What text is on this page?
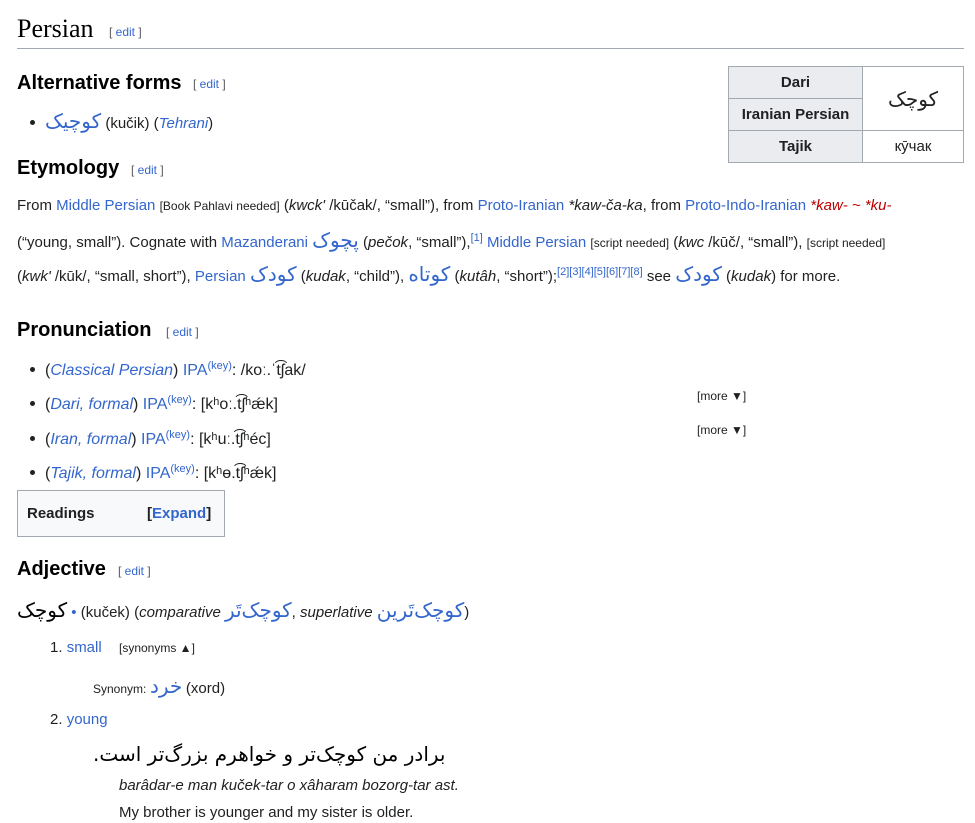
Persian [ edit ]
Alternative forms [ edit ]
کوچیک (kučik) (Tehrani)
Dari	کوچک
Iranian Persian	
Tajik	кӯчак
Etymology [ edit ]
From Middle Persian [Book Pahlavi needed] (kwck' /kūčak/, “small”), from Proto-Iranian *kaw-ča-ka, from Proto-Indo-Iranian *kaw- ~ *ku-
(“young, small”). Cognate with Mazanderani پچوک (pečok, “small”),[1] Middle Persian [script needed] (kwc /kūč/, “small”), [script needed]
(kwk' /kūk/, “small, short”), Persian کودک (kudak, “child”), کوتاه (kutâh, “short”);[2][3][4][5][6][7][8] see کودک (kudak) for more.
Pronunciation [ edit ]
(Classical Persian) $IPA^{(key)}$: /koː.ˈt͡ʃak/
(Dari, formal) $IPA^{(key)}$: [kʰoː.t͡ʃʰǽk]	[more ▼]
(Iran, formal) $IPA^{(key)}$: [kʰuː.t͡ʃʰéc]
[more ▼]
(Tajik, formal) $IPA^{(key)}$: [kʰɵ.t͡ʃʰǽk]
Readings	[Expand]
Adjective [ edit ]
کوچک • (kuček) (comparative کوچک‌تَر, superlative کوچک‌تَرین)
1. small [synonyms ▲]
Synonym: خرد (xord)
2. young
برادر من کوچک‌تر و خواهرم بزرگ‌تر است.
barâdar-e man kuček-tar o xâharam bozorg-tar ast.
My brother is younger and my sister is older.
